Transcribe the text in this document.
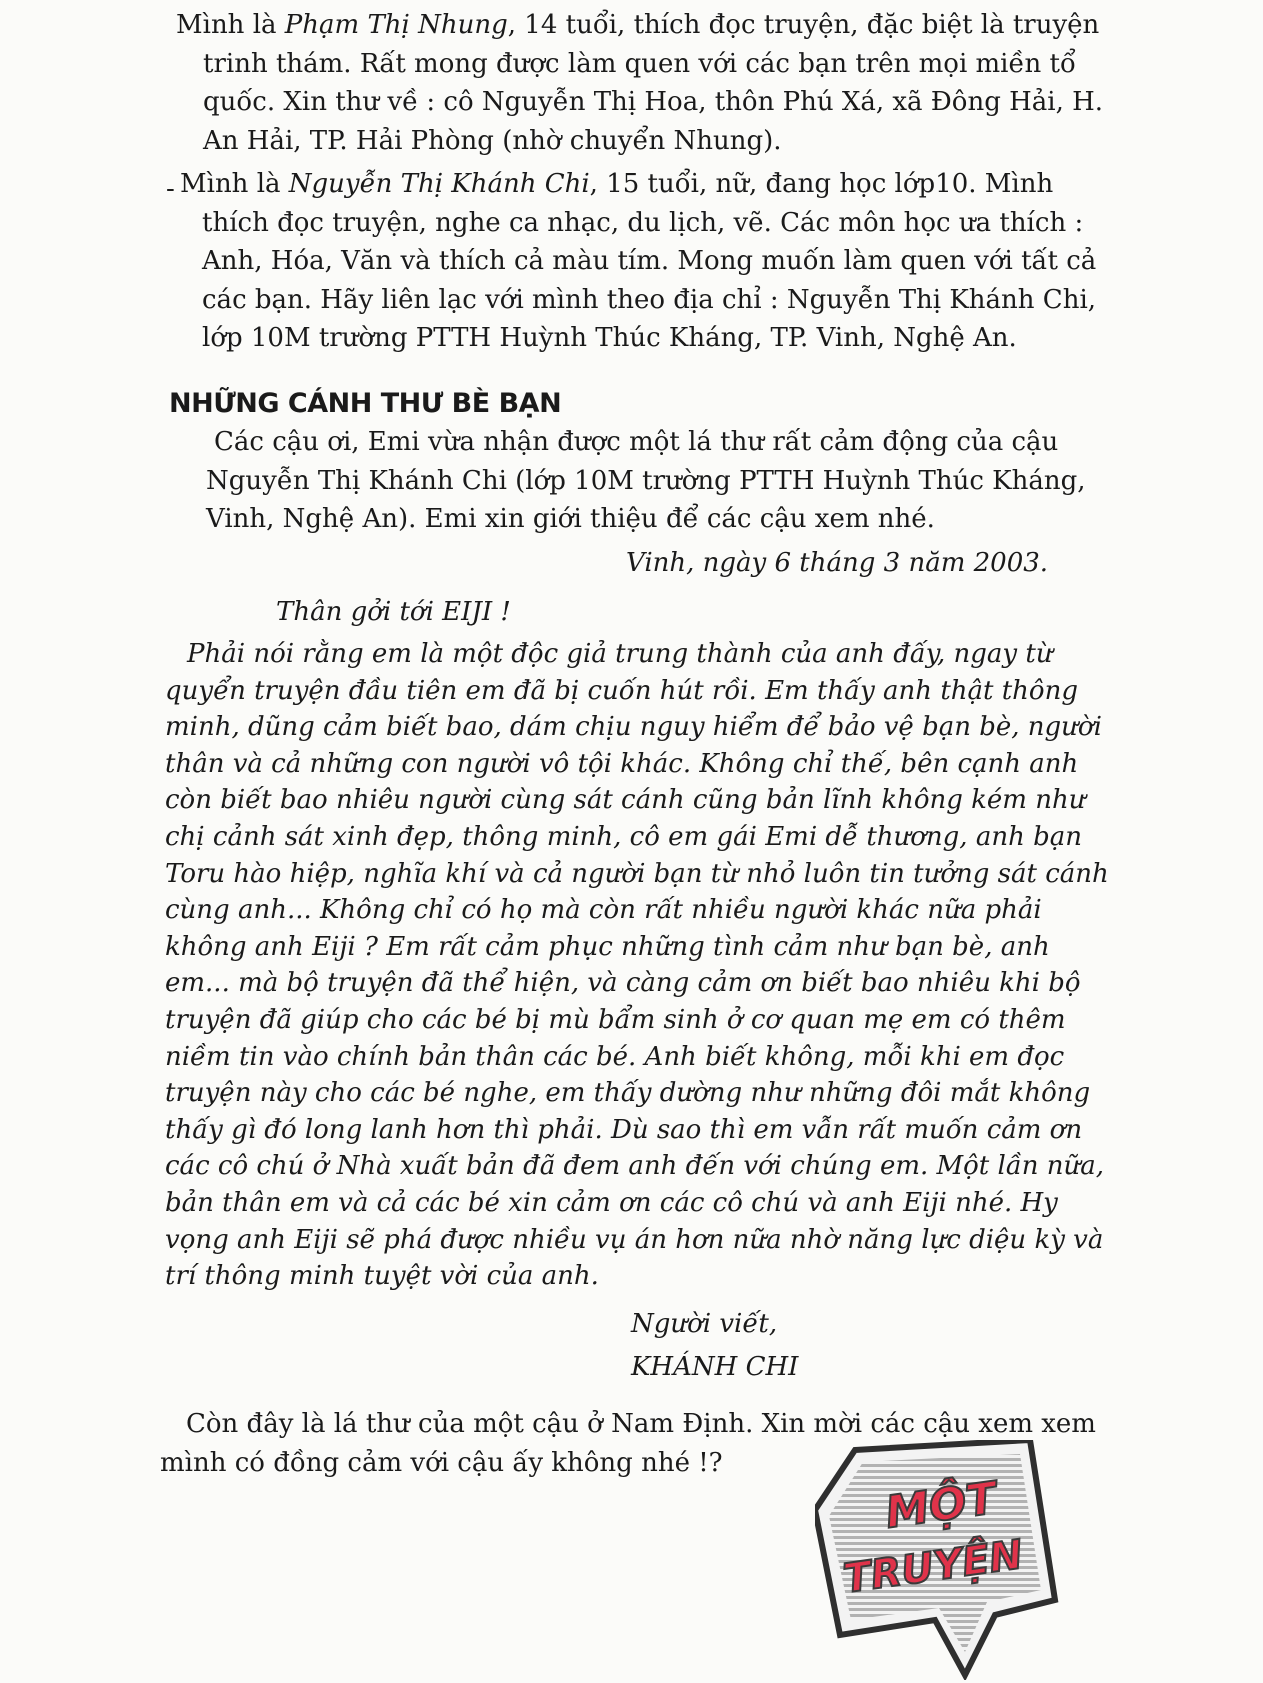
Mình là Phạm Thị Nhung, 14 tuổi, thích đọc truyện, đặc biệt là truyện
trinh thám. Rất mong được làm quen với các bạn trên mọi miền tổ
quốc. Xin thư về : cô Nguyễn Thị Hoa, thôn Phú Xá, xã Đông Hải, H.
An Hải, TP. Hải Phòng (nhờ chuyển Nhung).
- Mình là Nguyễn Thị Khánh Chi, 15 tuổi, nữ, đang học lớp10. Mình
thích đọc truyện, nghe ca nhạc, du lịch, vẽ. Các môn học ưa thích :
Anh, Hóa, Văn và thích cả màu tím. Mong muốn làm quen với tất cả
các bạn. Hãy liên lạc với mình theo địa chỉ : Nguyễn Thị Khánh Chi,
lớp 10M trường PTTH Huỳnh Thúc Kháng, TP. Vinh, Nghệ An.
NHỮNG CÁNH THƯ BÈ BẠN
Các cậu ơi, Emi vừa nhận được một lá thư rất cảm động của cậu
Nguyễn Thị Khánh Chi (lớp 10M trường PTTH Huỳnh Thúc Kháng,
Vinh, Nghệ An). Emi xin giới thiệu để các cậu xem nhé.
Vinh, ngày 6 tháng 3 năm 2003.
Thân gởi tới EIJI !
Phải nói rằng em là một độc giả trung thành của anh đấy, ngay từ
quyển truyện đầu tiên em đã bị cuốn hút rồi. Em thấy anh thật thông
minh, dũng cảm biết bao, dám chịu nguy hiểm để bảo vệ bạn bè, người
thân và cả những con người vô tội khác. Không chỉ thế, bên cạnh anh
còn biết bao nhiêu người cùng sát cánh cũng bản lĩnh không kém như
chị cảnh sát xinh đẹp, thông minh, cô em gái Emi dễ thương, anh bạn
Toru hào hiệp, nghĩa khí và cả người bạn từ nhỏ luôn tin tưởng sát cánh
cùng anh... Không chỉ có họ mà còn rất nhiều người khác nữa phải
không anh Eiji ? Em rất cảm phục những tình cảm như bạn bè, anh
em... mà bộ truyện đã thể hiện, và càng cảm ơn biết bao nhiêu khi bộ
truyện đã giúp cho các bé bị mù bẩm sinh ở cơ quan mẹ em có thêm
niềm tin vào chính bản thân các bé. Anh biết không, mỗi khi em đọc
truyện này cho các bé nghe, em thấy dường như những đôi mắt không
thấy gì đó long lanh hơn thì phải. Dù sao thì em vẫn rất muốn cảm ơn
các cô chú ở Nhà xuất bản đã đem anh đến với chúng em. Một lần nữa,
bản thân em và cả các bé xin cảm ơn các cô chú và anh Eiji nhé. Hy
vọng anh Eiji sẽ phá được nhiều vụ án hơn nữa nhờ năng lực diệu kỳ và
trí thông minh tuyệt vời của anh.
Người viết,
KHÁNH CHI
Còn đây là lá thư của một cậu ở Nam Định. Xin mời các cậu xem xem
mình có đồng cảm với cậu ấy không nhé !?
MỘT
TRUYỆN
